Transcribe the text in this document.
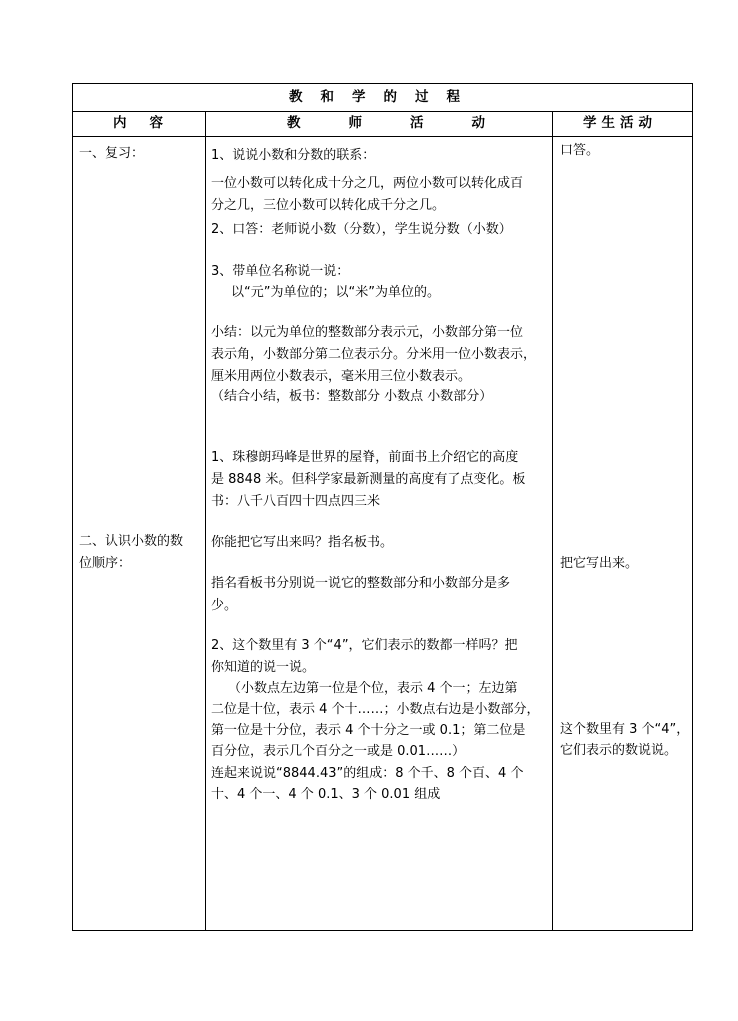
教和学的过程
内容	教师活动	学生活动
一、复习：
二、认识小数的数
位顺序：
1、说说小数和分数的联系：
一位小数可以转化成十分之几，两位小数可以转化成百
分之几，三位小数可以转化成千分之几。
2、口答：老师说小数（分数），学生说分数（小数）
3、带单位名称说一说：
以“元”为单位的；以“米”为单位的。
小结：以元为单位的整数部分表示元，小数部分第一位
表示角，小数部分第二位表示分。分米用一位小数表示，
厘米用两位小数表示，毫米用三位小数表示。
（结合小结，板书：整数部分 小数点 小数部分）
1、珠穆朗玛峰是世界的屋脊，前面书上介绍它的高度
是 8848 米。但科学家最新测量的高度有了点变化。板
书：八千八百四十四点四三米
你能把它写出来吗？指名板书。
指名看板书分别说一说它的整数部分和小数部分是多
少。
2、这个数里有 3 个“4”，它们表示的数都一样吗？把
你知道的说一说。
（小数点左边第一位是个位，表示 4 个一；左边第
二位是十位，表示 4 个十……；小数点右边是小数部分，
第一位是十分位，表示 4 个十分之一或 0.1；第二位是
百分位，表示几个百分之一或是 0.01……）
连起来说说“8844.43”的组成：8 个千、8 个百、4 个
十、4 个一、4 个 0.1、3 个 0.01 组成
口答。
把它写出来。
这个数里有 3 个“4”，
它们表示的数说说。
